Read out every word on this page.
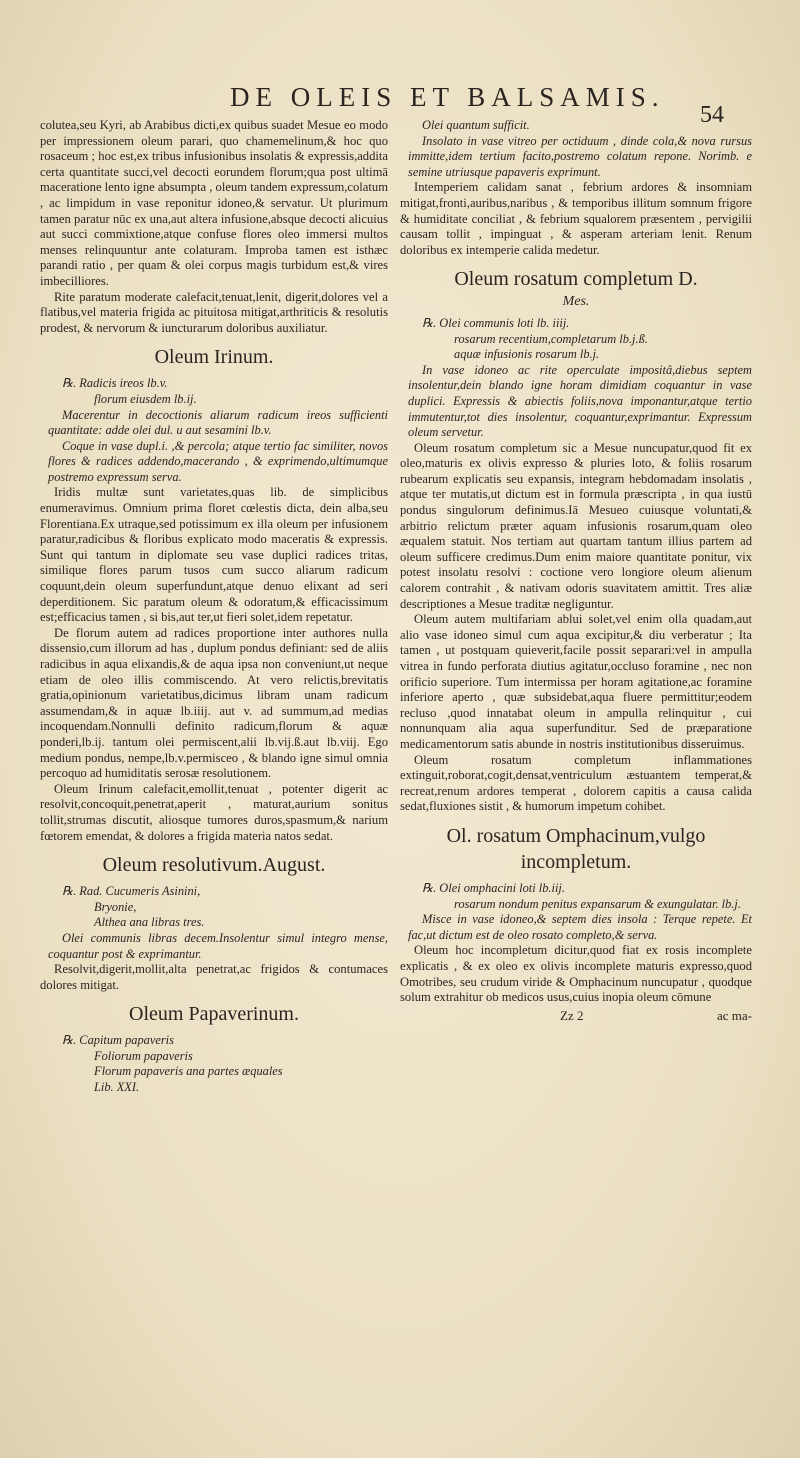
DE OLEIS ET BALSAMIS.
54

colutea,seu Kyri, ab Arabibus dicti,ex quibus suadet Mesue eo modo per impressionem oleum parari, quo chamemelinum,& hoc quo rosaceum ; hoc est,ex tribus infusionibus insolatis & expressis,addita certa quantitate succi,vel decocti eorundem florum;qua post ultimā maceratione lento igne absumpta , oleum tandem expressum,colatum , ac limpidum in vase reponitur idoneo,& servatur. Ut plurimum tamen paratur nūc ex una,aut altera infusione,absque decocti alicuius aut succi commixtione,atque confuse flores oleo immersi multos menses relinquuntur ante colaturam. Improba tamen est isthæc parandi ratio , per quam & olei corpus magis turbidum est,& vires imbecilliores.

Rite paratum moderate calefacit,tenuat,lenit, digerit,dolores vel a flatibus,vel materia frigida ac pituitosa mitigat,arthriticis & resolutis prodest, & nervorum & iuncturarum doloribus auxiliatur.

Oleum Irinum.

℞. Radicis ireos lb.v.

florum eiusdem lb.ij.

Macerentur in decoctionis aliarum radicum ireos sufficienti quantitate: adde olei dul. u aut sesamini lb.v.

Coque in vase dupl.i. ,& percola; atque tertio fac similiter, novos flores & radices addendo,macerando , & exprimendo,ultimumque postremo expressum serva.

Iridis multæ sunt varietates,quas lib. de simplicibus enumeravimus. Omnium prima floret cœlestis dicta, dein alba,seu Florentiana.Ex utraque,sed potissimum ex illa oleum per infusionem paratur,radicibus & floribus explicato modo maceratis & expressis. Sunt qui tantum in diplomate seu vase duplici radices tritas, similique flores parum tusos cum succo aliarum radicum coquunt,dein oleum superfundunt,atque denuo elixant ad seri deperditionem. Sic paratum oleum & odoratum,& efficacissimum est;efficacius tamen , si bis,aut ter,ut fieri solet,idem repetatur.

De florum autem ad radices proportione inter authores nulla dissensio,cum illorum ad has , duplum pondus definiant: sed de aliis radicibus in aqua elixandis,& de aqua ipsa non conveniunt,ut neque etiam de oleo illis commiscendo. At vero relictis,brevitatis gratia,opinionum varietatibus,dicimus libram unam radicum assumendam,& in aquæ lb.iiij. aut v. ad summum,ad medias incoquendam.Nonnulli definito radicum,florum & aquæ ponderi,lb.ij. tantum olei permiscent,alii lb.vij.ß.aut lb.viij. Ego medium pondus, nempe,lb.v.permisceo , & blando igne simul omnia percoquo ad humiditatis serosæ resolutionem.

Oleum Irinum calefacit,emollit,tenuat , potenter digerit ac resolvit,concoquit,penetrat,aperit , maturat,aurium sonitus tollit,strumas discutit, aliosque tumores duros,spasmum,& narium fœtorem emendat, & dolores a frigida materia natos sedat.

Oleum resolutivum.August.

℞. Rad. Cucumeris Asinini,

Bryonie,

Althea ana libras tres.

Olei communis libras decem.Insolentur simul integro mense, coquantur post & exprimantur.

Resolvit,digerit,mollit,alta penetrat,ac frigidos & contumaces dolores mitigat.

Oleum Papaverinum.

℞. Capitum papaveris

Foliorum papaveris

Florum papaveris ana partes æquales

Lib. XXI.

Olei quantum sufficit.

Insolato in vase vitreo per octiduum , dinde cola,& nova rursus immitte,idem tertium facito,postremo colatum repone. Norimb. e semine utriusque papaveris exprimunt.

Intemperiem calidam sanat , febrium ardores & insomniam mitigat,fronti,auribus,naribus , & temporibus illitum somnum frigore & humiditate conciliat , & febrium squalorem præsentem , pervigilii causam tollit , impinguat , & asperam arteriam lenit. Renum doloribus ex intemperie calida medetur.

Oleum rosatum completum D.
Mes.

℞. Olei communis loti lb. iiij.

rosarum recentium,completarum lb.j.ß.

aquæ infusionis rosarum lb.j.

In vase idoneo ac rite operculate impositâ,diebus septem insolentur,dein blando igne horam dimidiam coquantur in vase duplici. Expressis & abiectis foliis,nova imponantur,atque tertio immutentur,tot dies insolentur, coquantur,exprimantur. Expressum oleum servetur.

Oleum rosatum completum sic a Mesue nuncupatur,quod fit ex oleo,maturis ex olivis expresso & pluries loto, & foliis rosarum rubearum explicatis seu expansis, integram hebdomadam insolatis , atque ter mutatis,ut dictum est in formula præscripta , in qua iustū pondus singulorum definimus.Iā Mesueo cuiusque voluntati,& arbitrio relictum præter aquam infusionis rosarum,quam oleo æqualem statuit. Nos tertiam aut quartam tantum illius partem ad oleum sufficere credimus.Dum enim maiore quantitate ponitur, vix potest insolatu resolvi : coctione vero longiore oleum alienum calorem contrahit , & nativam odoris suavitatem amittit. Tres aliæ descriptiones a Mesue traditæ negliguntur.

Oleum autem multifariam ablui solet,vel enim olla quadam,aut alio vase idoneo simul cum aqua excipitur,& diu verberatur ; Ita tamen , ut postquam quieverit,facile possit separari:vel in ampulla vitrea in fundo perforata diutius agitatur,occluso foramine , nec non orificio superiore. Tum intermissa per horam agitatione,ac foramine inferiore aperto , quæ subsidebat,aqua fluere permittitur;eodem recluso ,quod innatabat oleum in ampulla relinquitur , cui nonnunquam alia aqua superfunditur. Sed de præparatione medicamentorum satis abunde in nostris institutionibus disseruimus.

Oleum rosatum completum inflammationes extinguit,roborat,cogit,densat,ventriculum æstuantem temperat,& recreat,renum ardores temperat , dolorem capitis a causa calida sedat,fluxiones sistit , & humorum impetum cohibet.

Ol. rosatum Omphacinum,vulgo incompletum.

℞. Olei omphacini loti lb.iij.

rosarum nondum penitus expansarum & exungulatar. lb.j.

Misce in vase idoneo,& septem dies insola : Terque repete. Et fac,ut dictum est de oleo rosato completo,& serva.

Oleum hoc incompletum dicitur,quod fiat ex rosis incomplete explicatis , & ex oleo ex olivis incomplete maturis expresso,quod Omotribes, seu crudum viride & Omphacinum nuncupatur , quodque solum extrahitur ob medicos usus,cuius inopia oleum cōmune

Zz 2	ac ma-
